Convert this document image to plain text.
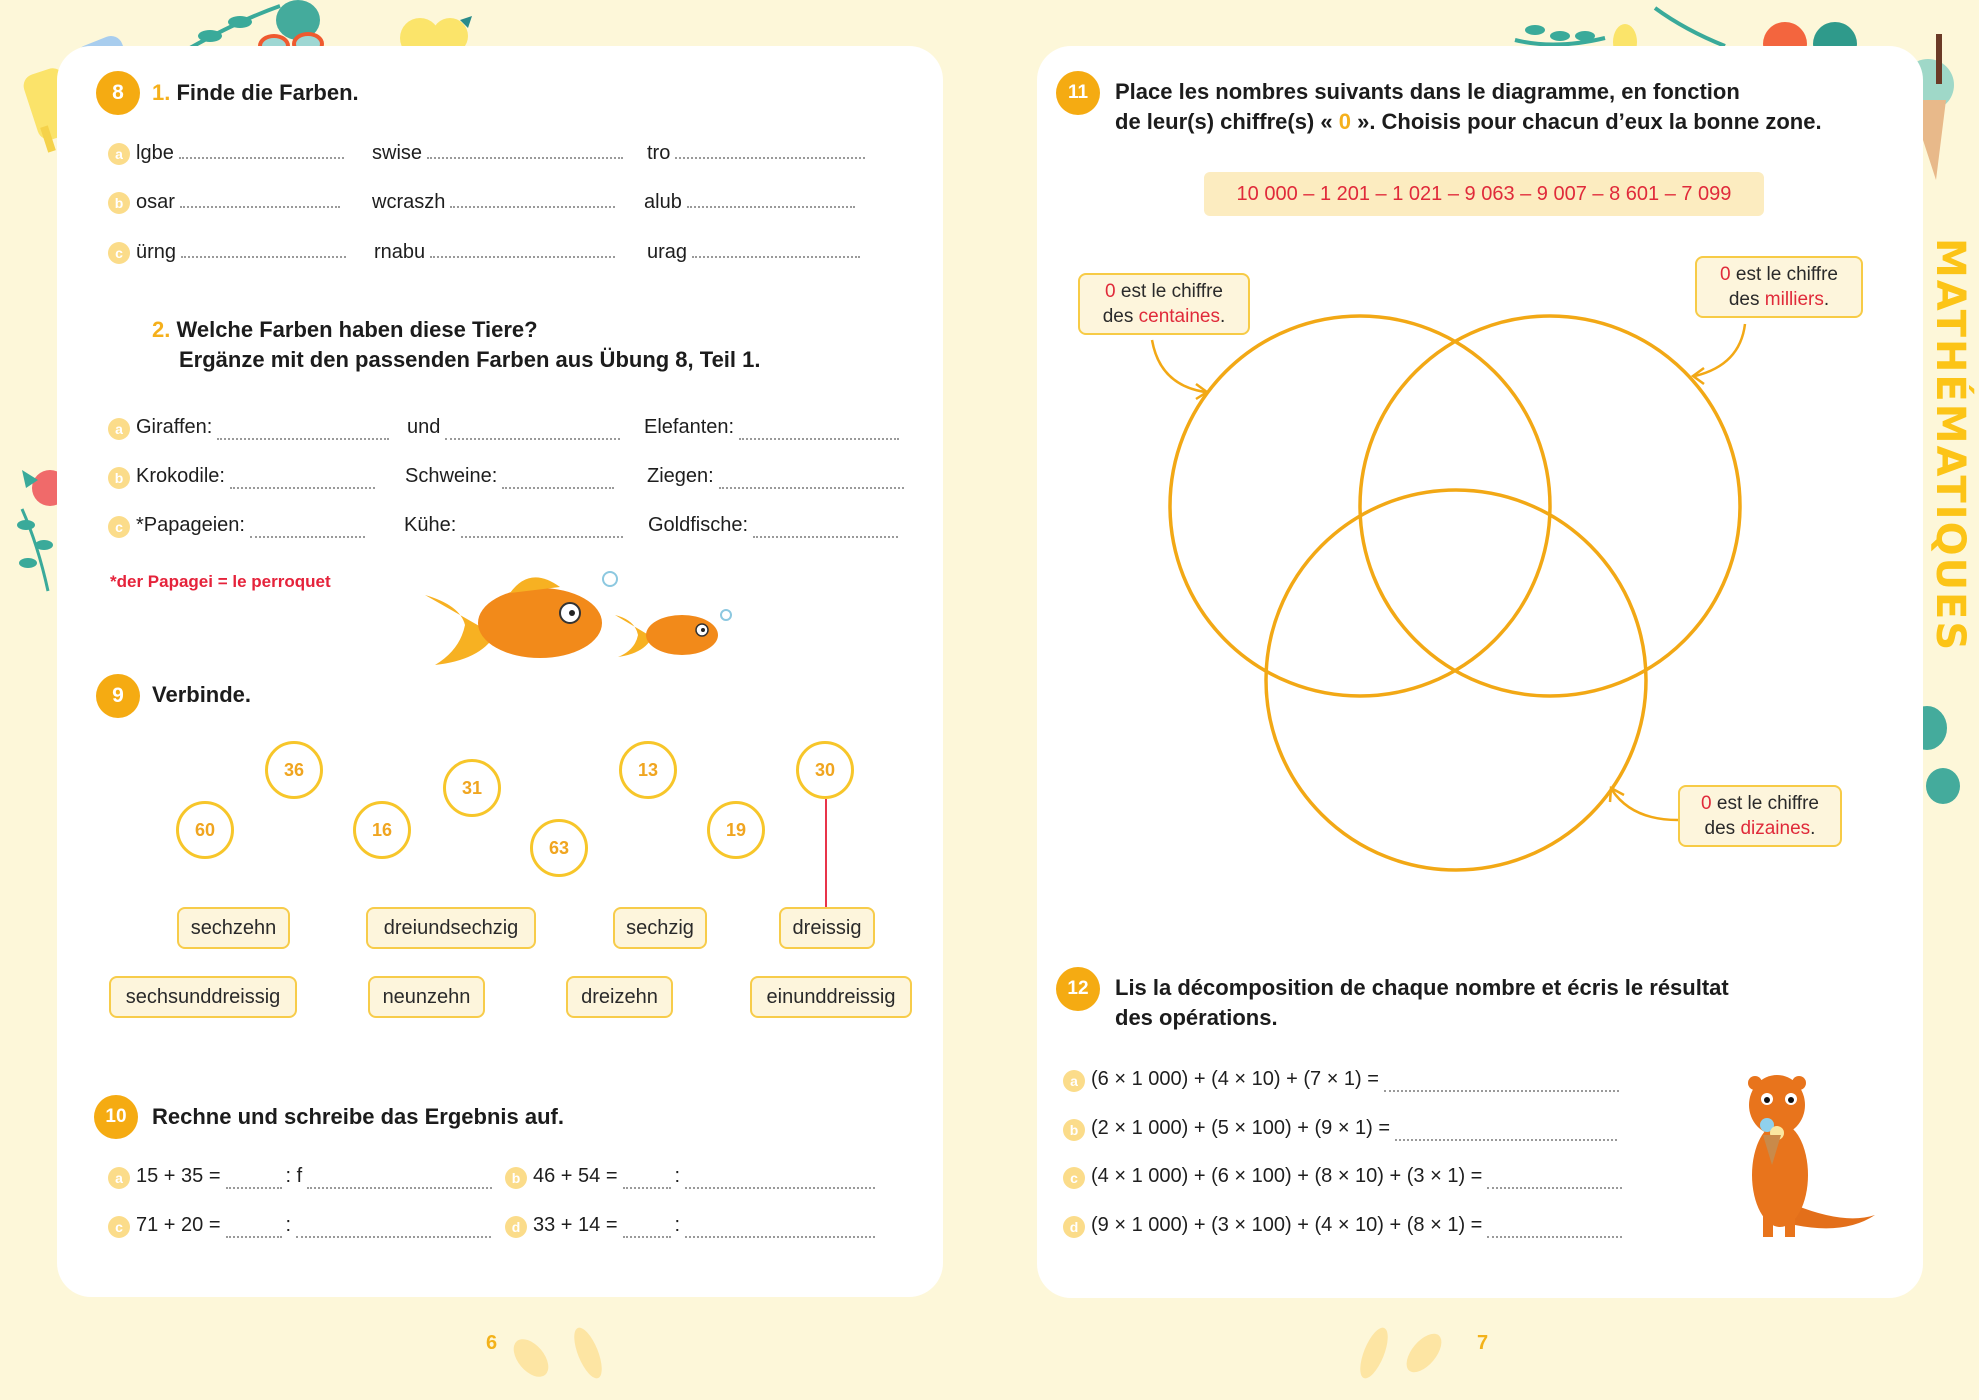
MATHÉMATIQUES
8	1. Finde die Farben.
a lgbe	swise	tro
b osar	wcraszh	alub
c ürng	rnabu	urag
2. Welche Farben haben diese Tiere?
Ergänze mit den passenden Farben aus Übung 8, Teil 1.
a Giraffen:	und	Elefanten:
b Krokodile:	Schweine:	Ziegen:
c *Papageien:	Kühe:	Goldfische:
*der Papagei = le perroquet
9	Verbinde.
36
31
13	30
60	16
63
19
sechzehn	dreiundsechzig	sechzig	dreissig
sechsunddreissig	neunzehn	dreizehn	einunddreissig
10	Rechne und schreibe das Ergebnis auf.
a 15 + 35 =	: f	b 46 + 54 =	:
c 71 + 20 =	:	d 33 + 14 =	:
6
11	Place les nombres suivants dans le diagramme, en fonction
de leur(s) chiffre(s) « 0 ». Choisis pour chacun d’eux la bonne zone.
10 000 – 1 201 – 1 021 – 9 063 – 9 007 – 8 601 – 7 099
0 est le chiffre
des centaines.
0 est le chiffre
des milliers.
0 est le chiffre
des dizaines.
12	Lis la décomposition de chaque nombre et écris le résultat
des opérations.
a (6 × 1 000) + (4 × 10) + (7 × 1) =
b (2 × 1 000) + (5 × 100) + (9 × 1) =
c (4 × 1 000) + (6 × 100) + (8 × 10) + (3 × 1) =
d (9 × 1 000) + (3 × 100) + (4 × 10) + (8 × 1) =
7
